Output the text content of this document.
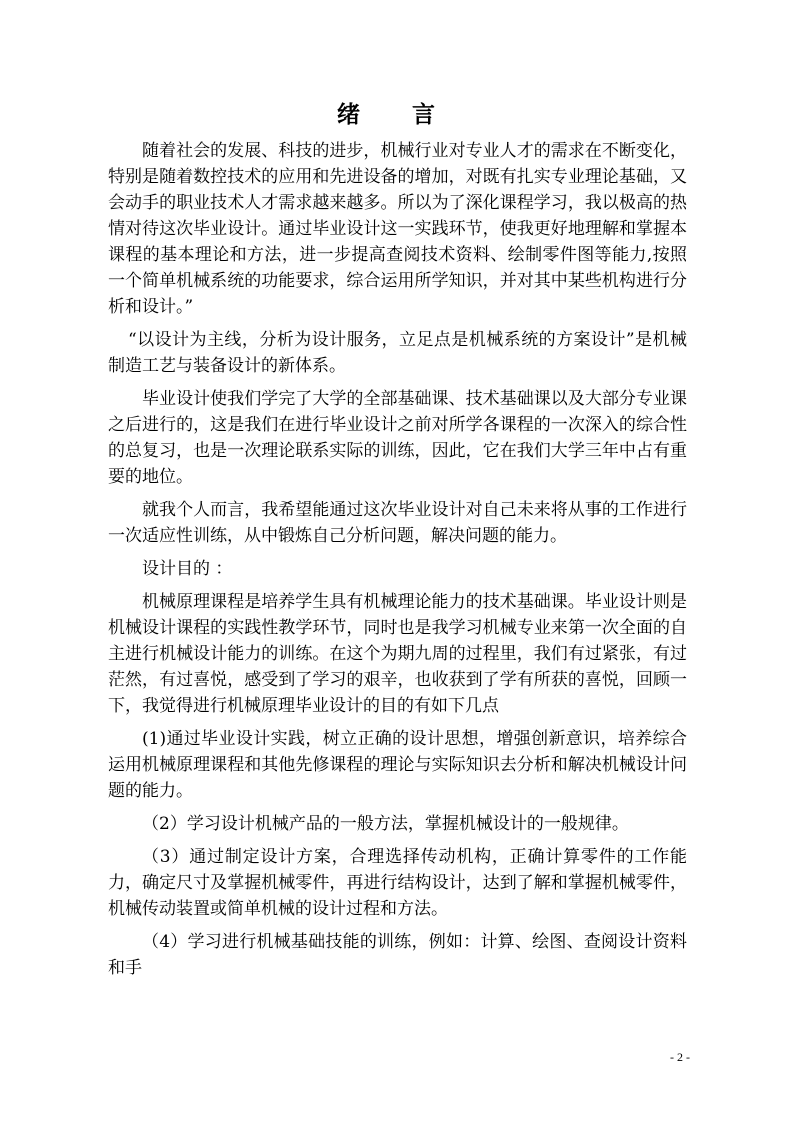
绪 言

随着社会的发展、科技的进步，机械行业对专业人才的需求在不断变化，特别是随着数控技术的应用和先进设备的增加，对既有扎实专业理论基础，又会动手的职业技术人才需求越来越多。所以为了深化课程学习，我以极高的热情对待这次毕业设计。通过毕业设计这一实践环节，使我更好地理解和掌握本课程的基本理论和方法，进一步提高查阅技术资料、绘制零件图等能力,按照一个简单机械系统的功能要求，综合运用所学知识，并对其中某些机构进行分析和设计。”

“以设计为主线，分析为设计服务，立足点是机械系统的方案设计”是机械制造工艺与装备设计的新体系。

毕业设计使我们学完了大学的全部基础课、技术基础课以及大部分专业课之后进行的，这是我们在进行毕业设计之前对所学各课程的一次深入的综合性的总复习，也是一次理论联系实际的训练，因此，它在我们大学三年中占有重要的地位。

就我个人而言，我希望能通过这次毕业设计对自己未来将从事的工作进行一次适应性训练，从中锻炼自己分析问题，解决问题的能力。

设计目的 ：

机械原理课程是培养学生具有机械理论能力的技术基础课。毕业设计则是机械设计课程的实践性教学环节，同时也是我学习机械专业来第一次全面的自主进行机械设计能力的训练。在这个为期九周的过程里，我们有过紧张，有过茫然，有过喜悦，感受到了学习的艰辛，也收获到了学有所获的喜悦，回顾一下，我觉得进行机械原理毕业设计的目的有如下几点

(1)通过毕业设计实践，树立正确的设计思想，增强创新意识，培养综合运用机械原理课程和其他先修课程的理论与实际知识去分析和解决机械设计问题的能力。

（2）学习设计机械产品的一般方法，掌握机械设计的一般规律。

（3）通过制定设计方案，合理选择传动机构，正确计算零件的工作能力，确定尺寸及掌握机械零件，再进行结构设计，达到了解和掌握机械零件，机械传动装置或简单机械的设计过程和方法。

（4）学习进行机械基础技能的训练，例如：计算、绘图、查阅设计资料和手

- 2 -
